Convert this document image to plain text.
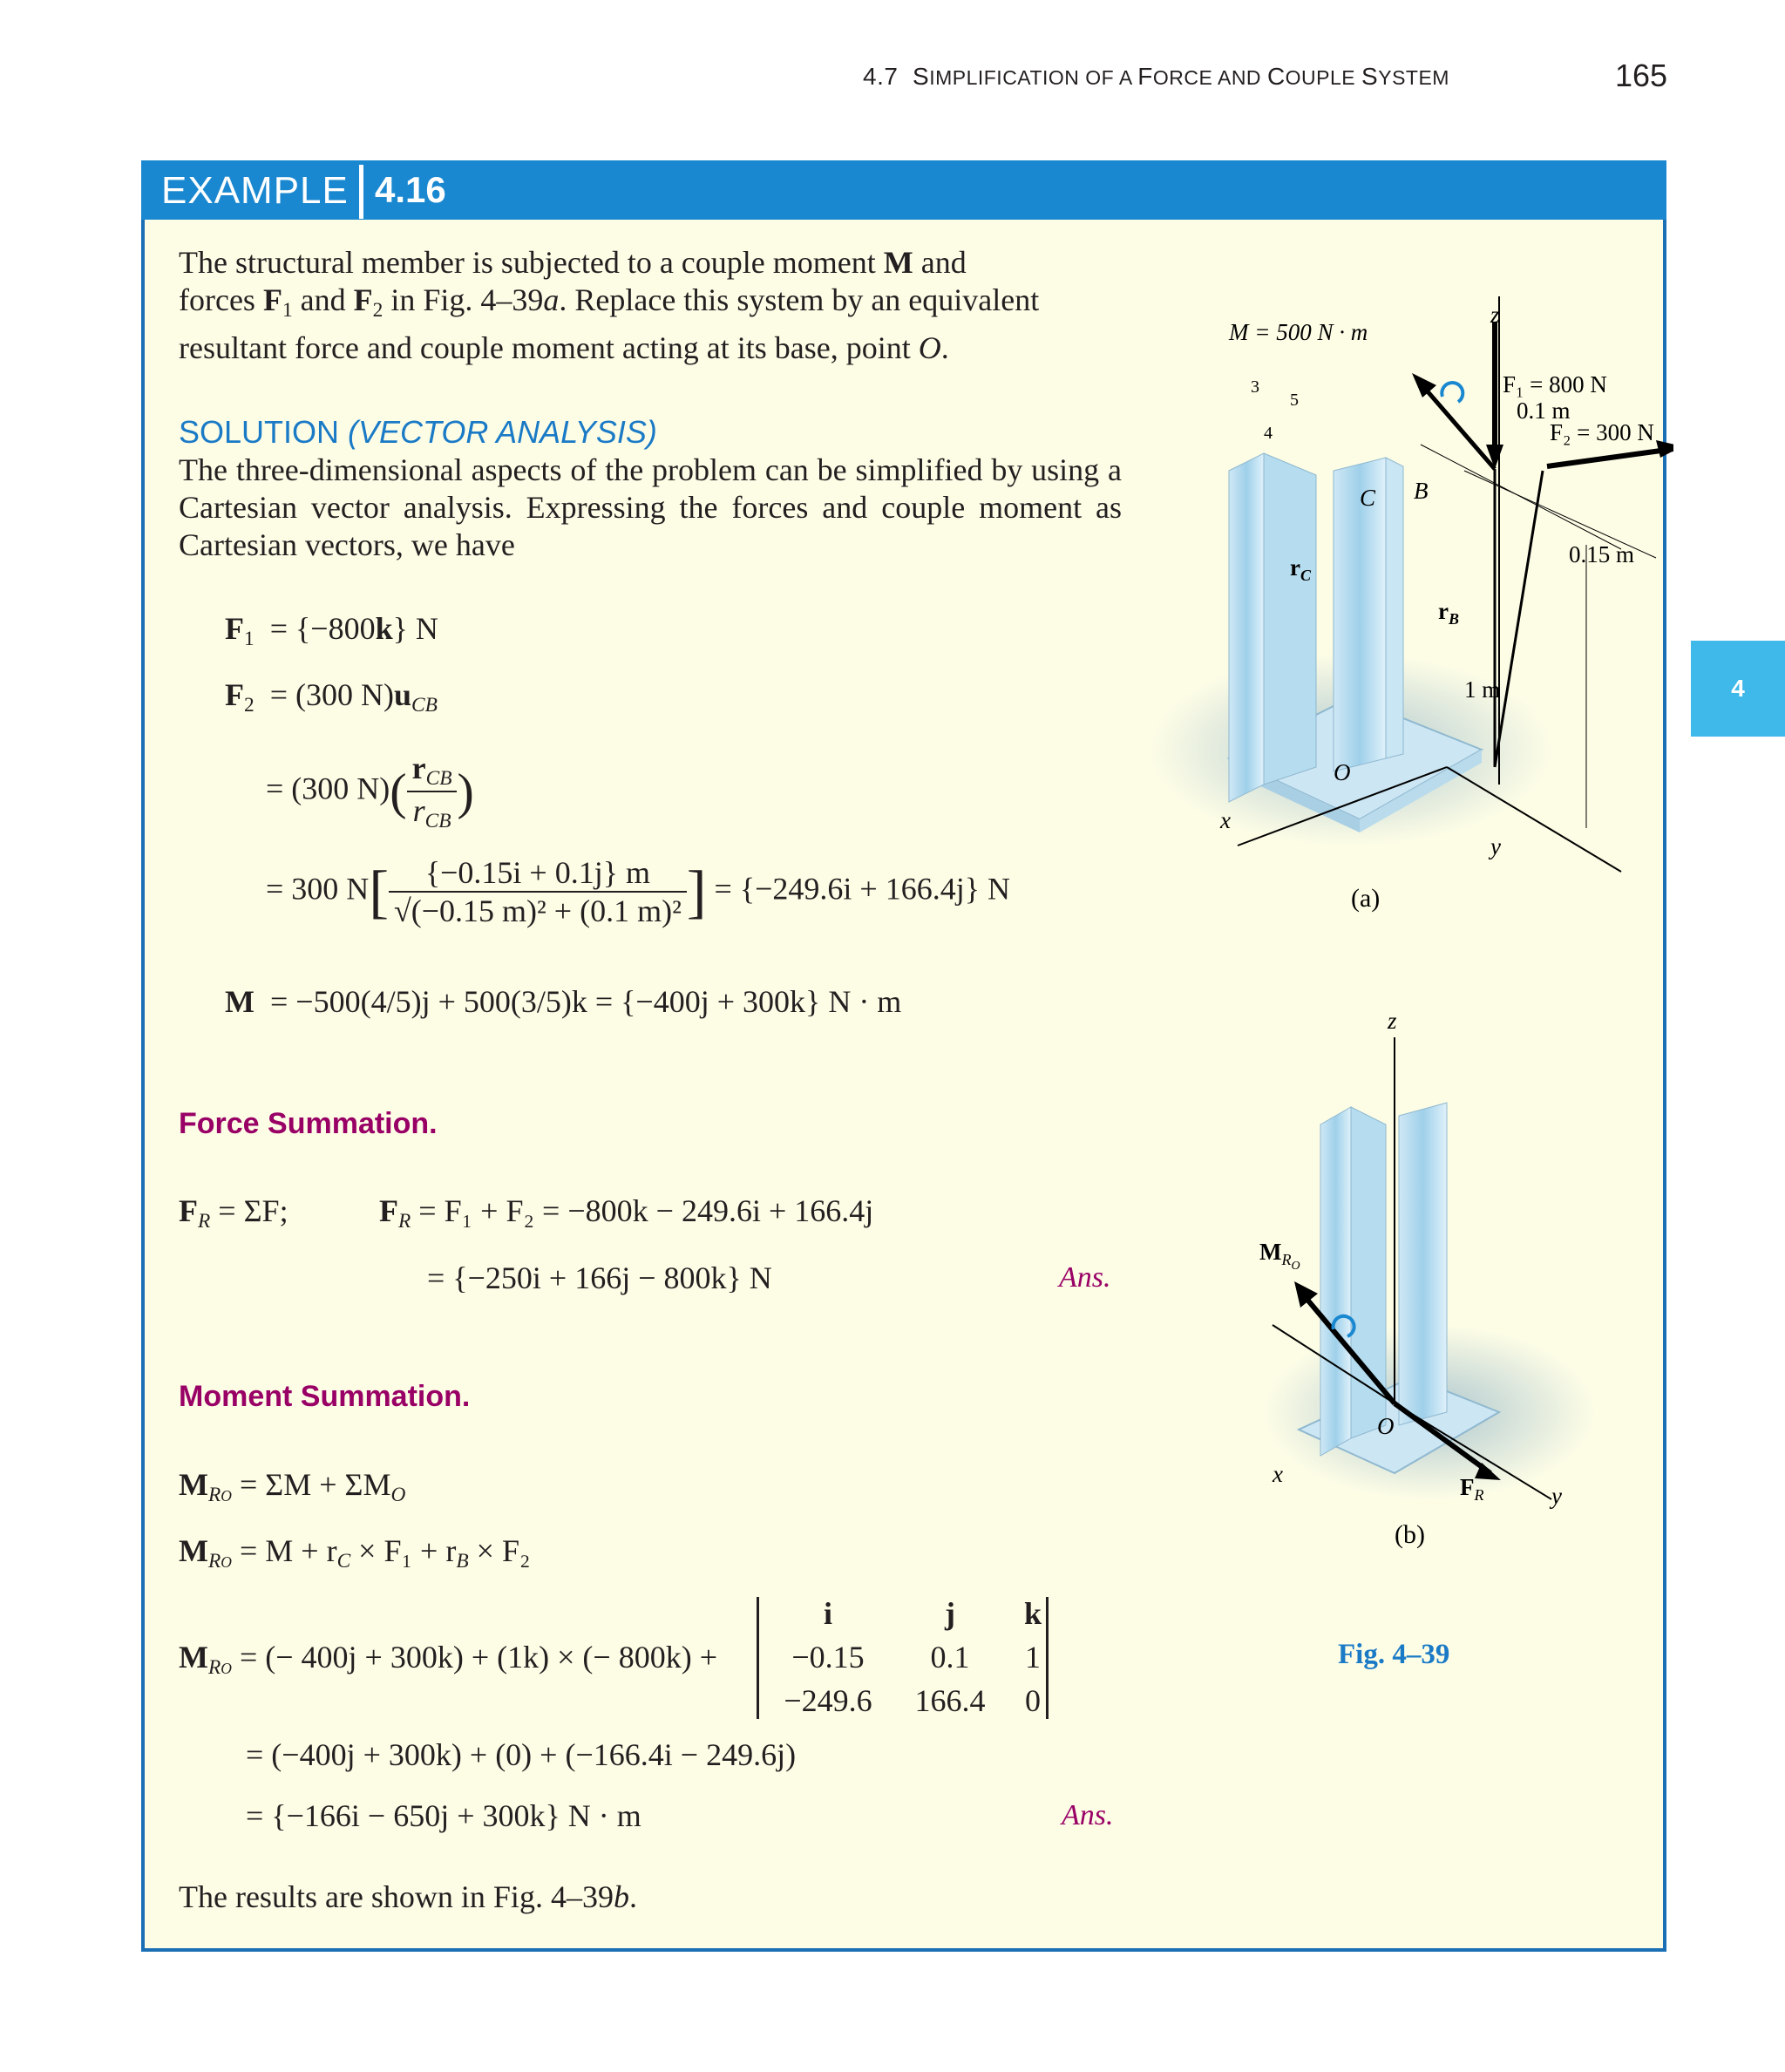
4.7 SIMPLIFICATION OF A FORCE AND COUPLE SYSTEM	165
4
EXAMPLE 4.16
The structural member is subjected to a couple moment M and
forces $F_1$ and $F_2$ in Fig. 4–39a. Replace this system by an equivalent
resultant force and couple moment acting at its base, point O.
SOLUTION (VECTOR ANALYSIS)
The three-dimensional aspects of the problem can be simplified by using a Cartesian vector analysis. Expressing the forces and couple moment as Cartesian vectors, we have
$F_1 = \{-800k\}$ N
$F_2 = (300$ $N)u_{CB}$
= (300 $N)( \frac{r_{CB}}{r_{CB}}$ )
= 300 $N[ \frac{\{-0.15i + 0.1j\} m}{\text{√(−0.15 m)² + (0.1 m)²}}$ ] = {−249.6i + 166.4j} N
M = −500(4/5)j + 500(3/5)k = {−400j + 300k} N · m
Force Summation.
$F_R = \Sigma F$;	$F_R = F_1 + F_2 = -800k - 249.6i + 166.4j$
= {−250i + 166j − 800k} N	Ans.
Moment Summation.
$M_{RO} = \Sigma M + \Sigma M_O$
$M_{RO} = M + r_C \times F_1 + r_B \times F_2$
$M_{RO}$ = (− 400j + 300k) + (1k) × (− 800k) +
i	j	k
−0.15	0.1	1
−249.6	166.4	0
= (−400j + 300k) + (0) + (−166.4i − 249.6j)
= {−166i − 650j + 300k} N · m	Ans.
The results are shown in Fig. 4–39b.
M = 500 N · m
F₁ = 800 N
0.1 m
F₂ = 300 N
0.15 m
1 m
z
x
y
C B
O
$r_C$
$r_B$
3
4
5
(a)
z
x
y
O
$M_RO$
$F_R$
(b)
Fig. 4–39
